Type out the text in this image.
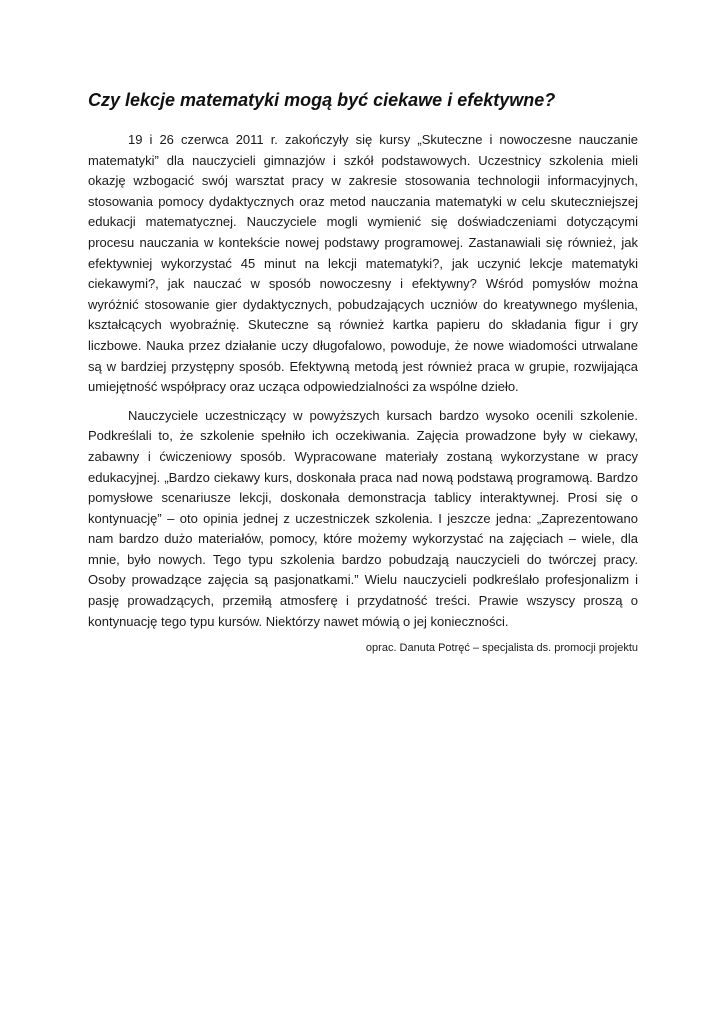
Czy lekcje matematyki mogą być ciekawe i efektywne?

19 i 26 czerwca 2011 r. zakończyły się kursy „Skuteczne i nowoczesne nauczanie matematyki” dla nauczycieli gimnazjów i szkół podstawowych. Uczestnicy szkolenia mieli okazję wzbogacić swój warsztat pracy w zakresie stosowania technologii informacyjnych, stosowania pomocy dydaktycznych oraz metod nauczania matematyki w celu skuteczniejszej edukacji matematycznej. Nauczyciele mogli wymienić się doświadczeniami dotyczącymi procesu nauczania w kontekście nowej podstawy programowej. Zastanawiali się również, jak efektywniej wykorzystać 45 minut na lekcji matematyki?, jak uczynić lekcje matematyki ciekawymi?, jak nauczać w sposób nowoczesny i efektywny? Wśród pomysłów można wyróżnić stosowanie gier dydaktycznych, pobudzających uczniów do kreatywnego myślenia, kształcących wyobraźnię. Skuteczne są również kartka papieru do składania figur i gry liczbowe. Nauka przez działanie uczy długofalowo, powoduje, że nowe wiadomości utrwalane są w bardziej przystępny sposób. Efektywną metodą jest również praca w grupie, rozwijająca umiejętność współpracy oraz ucząca odpowiedzialności za wspólne dzieło.

Nauczyciele uczestniczący w powyższych kursach bardzo wysoko ocenili szkolenie. Podkreślali to, że szkolenie spełniło ich oczekiwania. Zajęcia prowadzone były w ciekawy, zabawny i ćwiczeniowy sposób. Wypracowane materiały zostaną wykorzystane w pracy edukacyjnej. „Bardzo ciekawy kurs, doskonała praca nad nową podstawą programową. Bardzo pomysłowe scenariusze lekcji, doskonała demonstracja tablicy interaktywnej. Prosi się o kontynuację” – oto opinia jednej z uczestniczek szkolenia. I jeszcze jedna: „Zaprezentowano nam bardzo dużo materiałów, pomocy, które możemy wykorzystać na zajęciach – wiele, dla mnie, było nowych. Tego typu szkolenia bardzo pobudzają nauczycieli do twórczej pracy. Osoby prowadzące zajęcia są pasjonatkami.” Wielu nauczycieli podkreślało profesjonalizm i pasję prowadzących, przemiłą atmosferę i przydatność treści. Prawie wszyscy proszą o kontynuację tego typu kursów. Niektórzy nawet mówią o jej konieczności.

oprac. Danuta Potręć – specjalista ds. promocji projektu
